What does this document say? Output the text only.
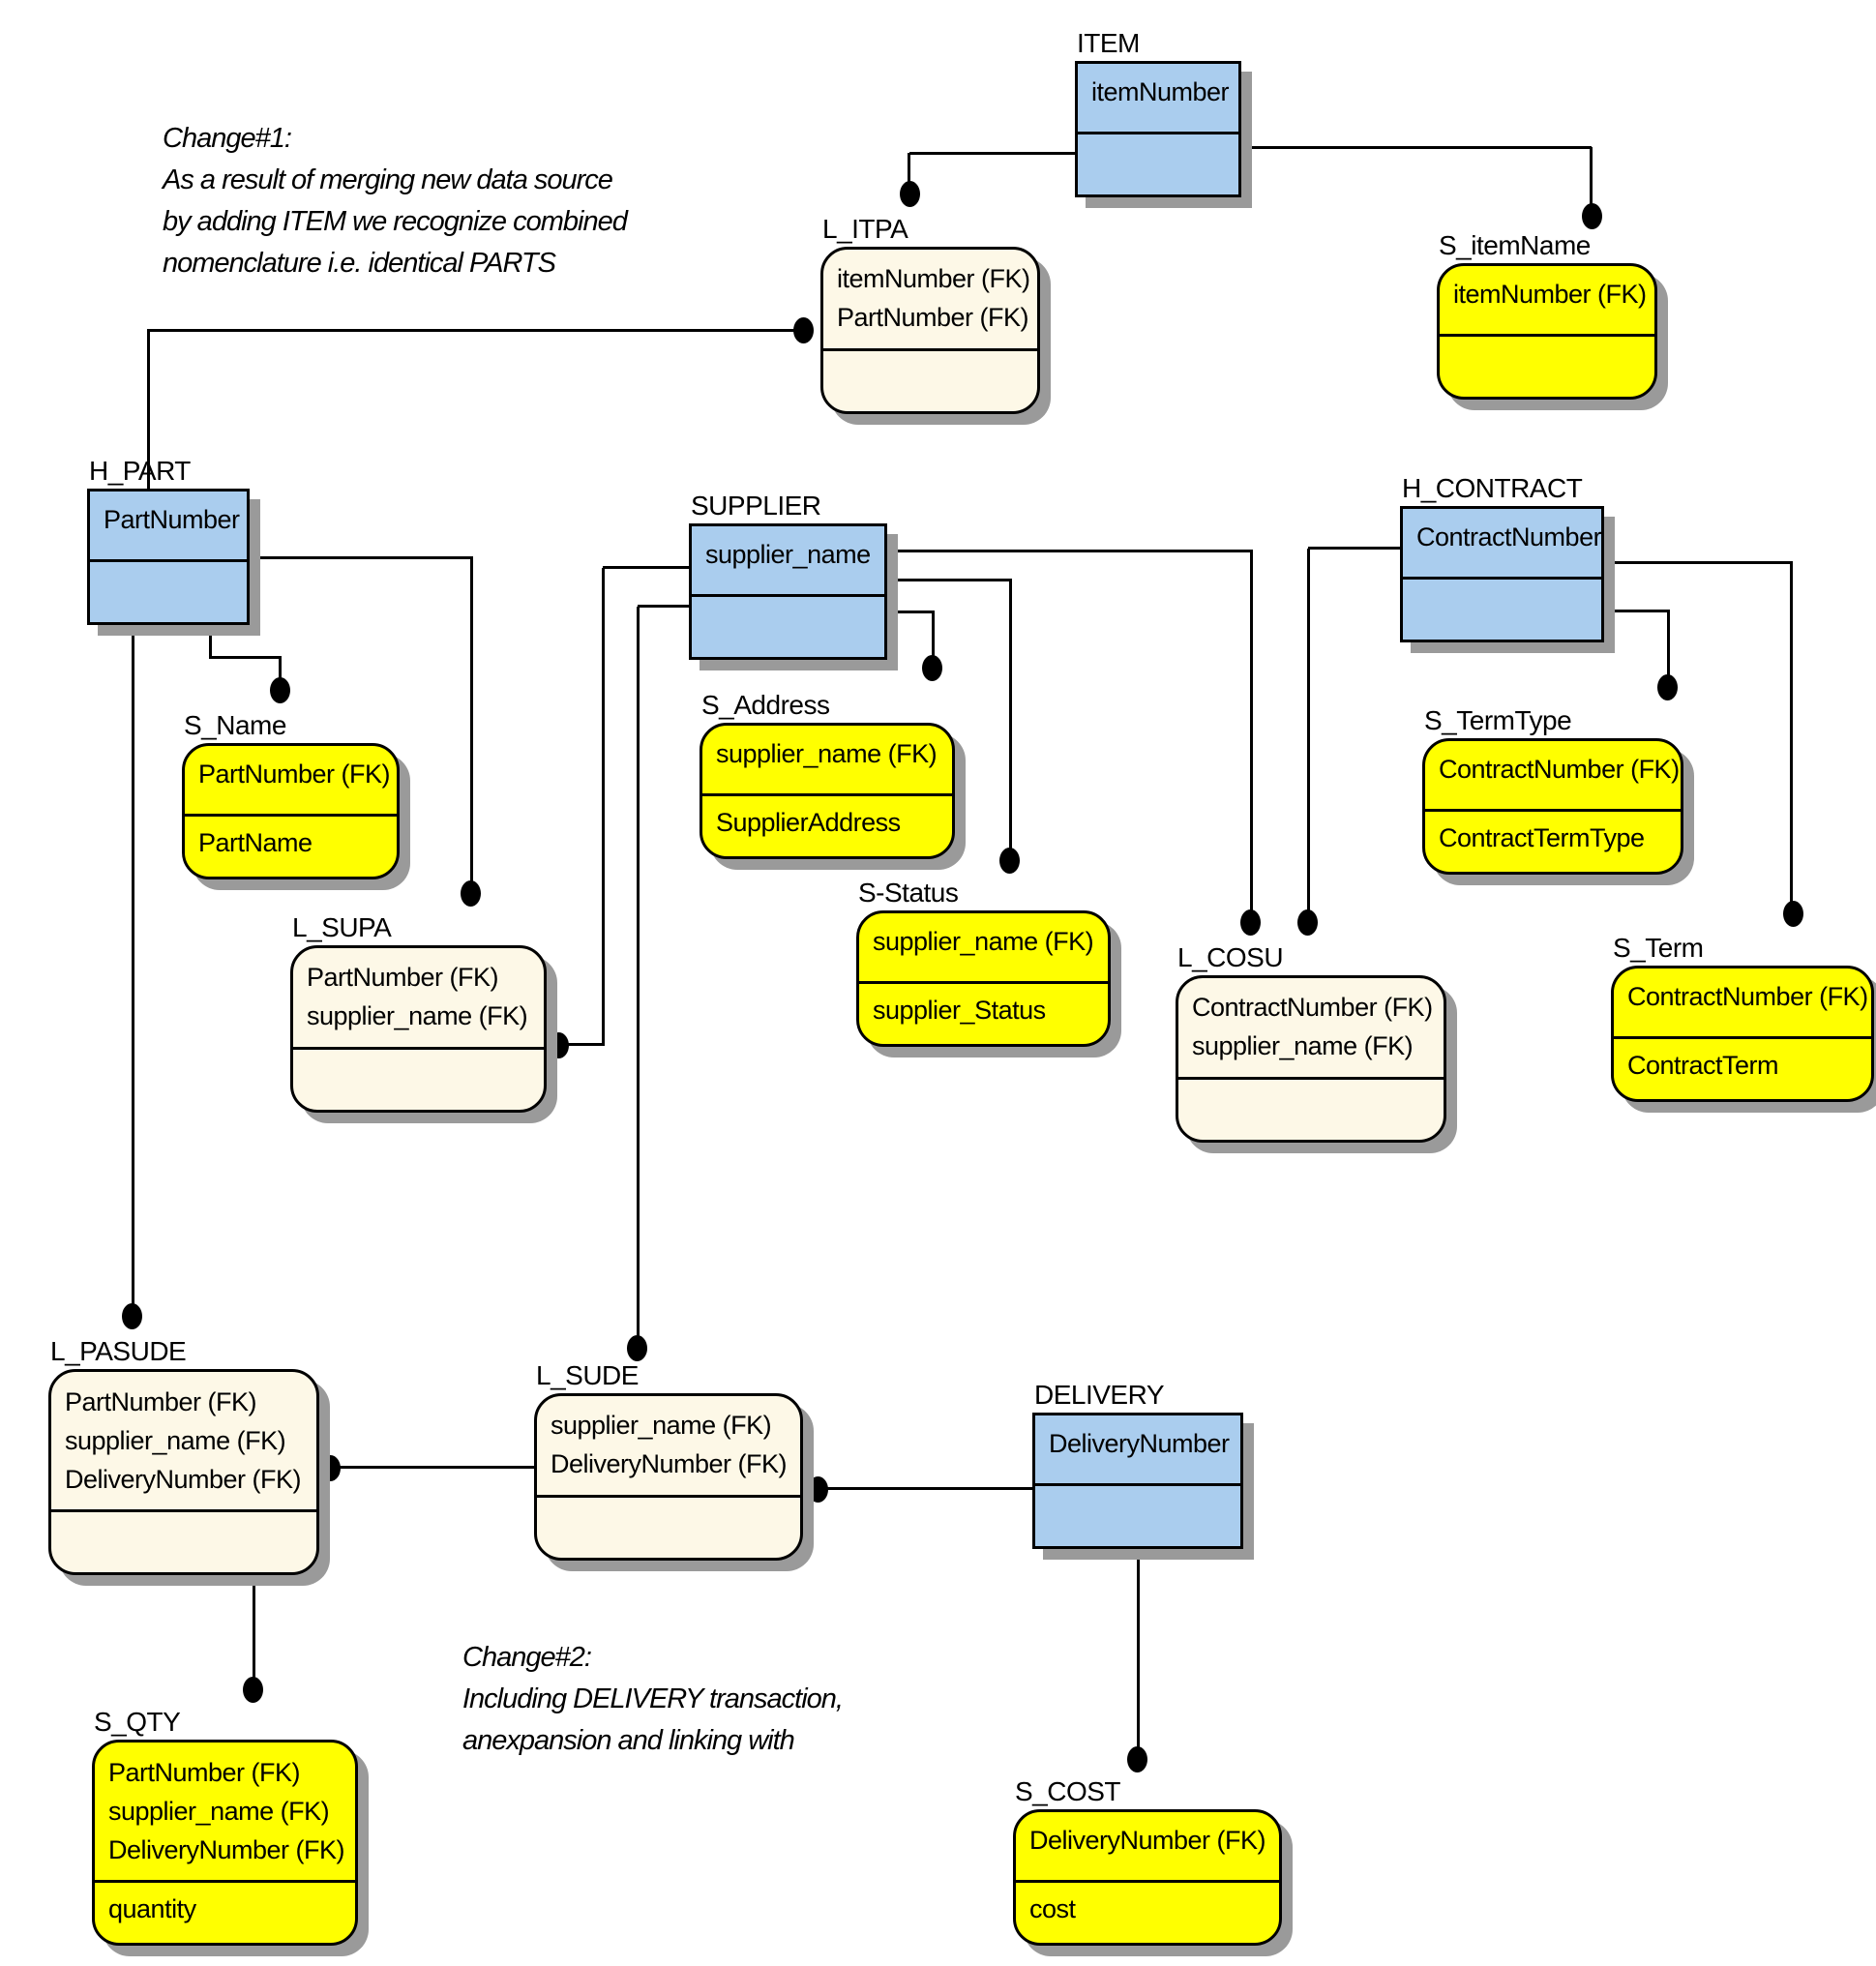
Change#1:
As a result of merging new data source
by adding ITEM we recognize combined
nomenclature i.e. identical PARTS
Change#2:
Including DELIVERY transaction,
anexpansion and linking with
ITEM
itemNumber
L_ITPA
itemNumber (FK)
PartNumber (FK)
S_itemName
itemNumber (FK)
H_PART
PartNumber
S_Name
PartNumber (FK)
PartName
SUPPLIER
supplier_name
S_Address
supplier_name (FK)
SupplierAddress
S-Status
supplier_name (FK)
supplier_Status
H_CONTRACT
ContractNumber
S_TermType
ContractNumber (FK)
ContractTermType
L_COSU
ContractNumber (FK)
supplier_name (FK)
S_Term
ContractNumber (FK)
ContractTerm
L_SUPA
PartNumber (FK)
supplier_name (FK)
L_PASUDE
PartNumber (FK)
supplier_name (FK)
DeliveryNumber (FK)
L_SUDE
supplier_name (FK)
DeliveryNumber (FK)
DELIVERY
DeliveryNumber
S_QTY
PartNumber (FK)
supplier_name (FK)
DeliveryNumber (FK)
quantity
S_COST
DeliveryNumber (FK)
cost
